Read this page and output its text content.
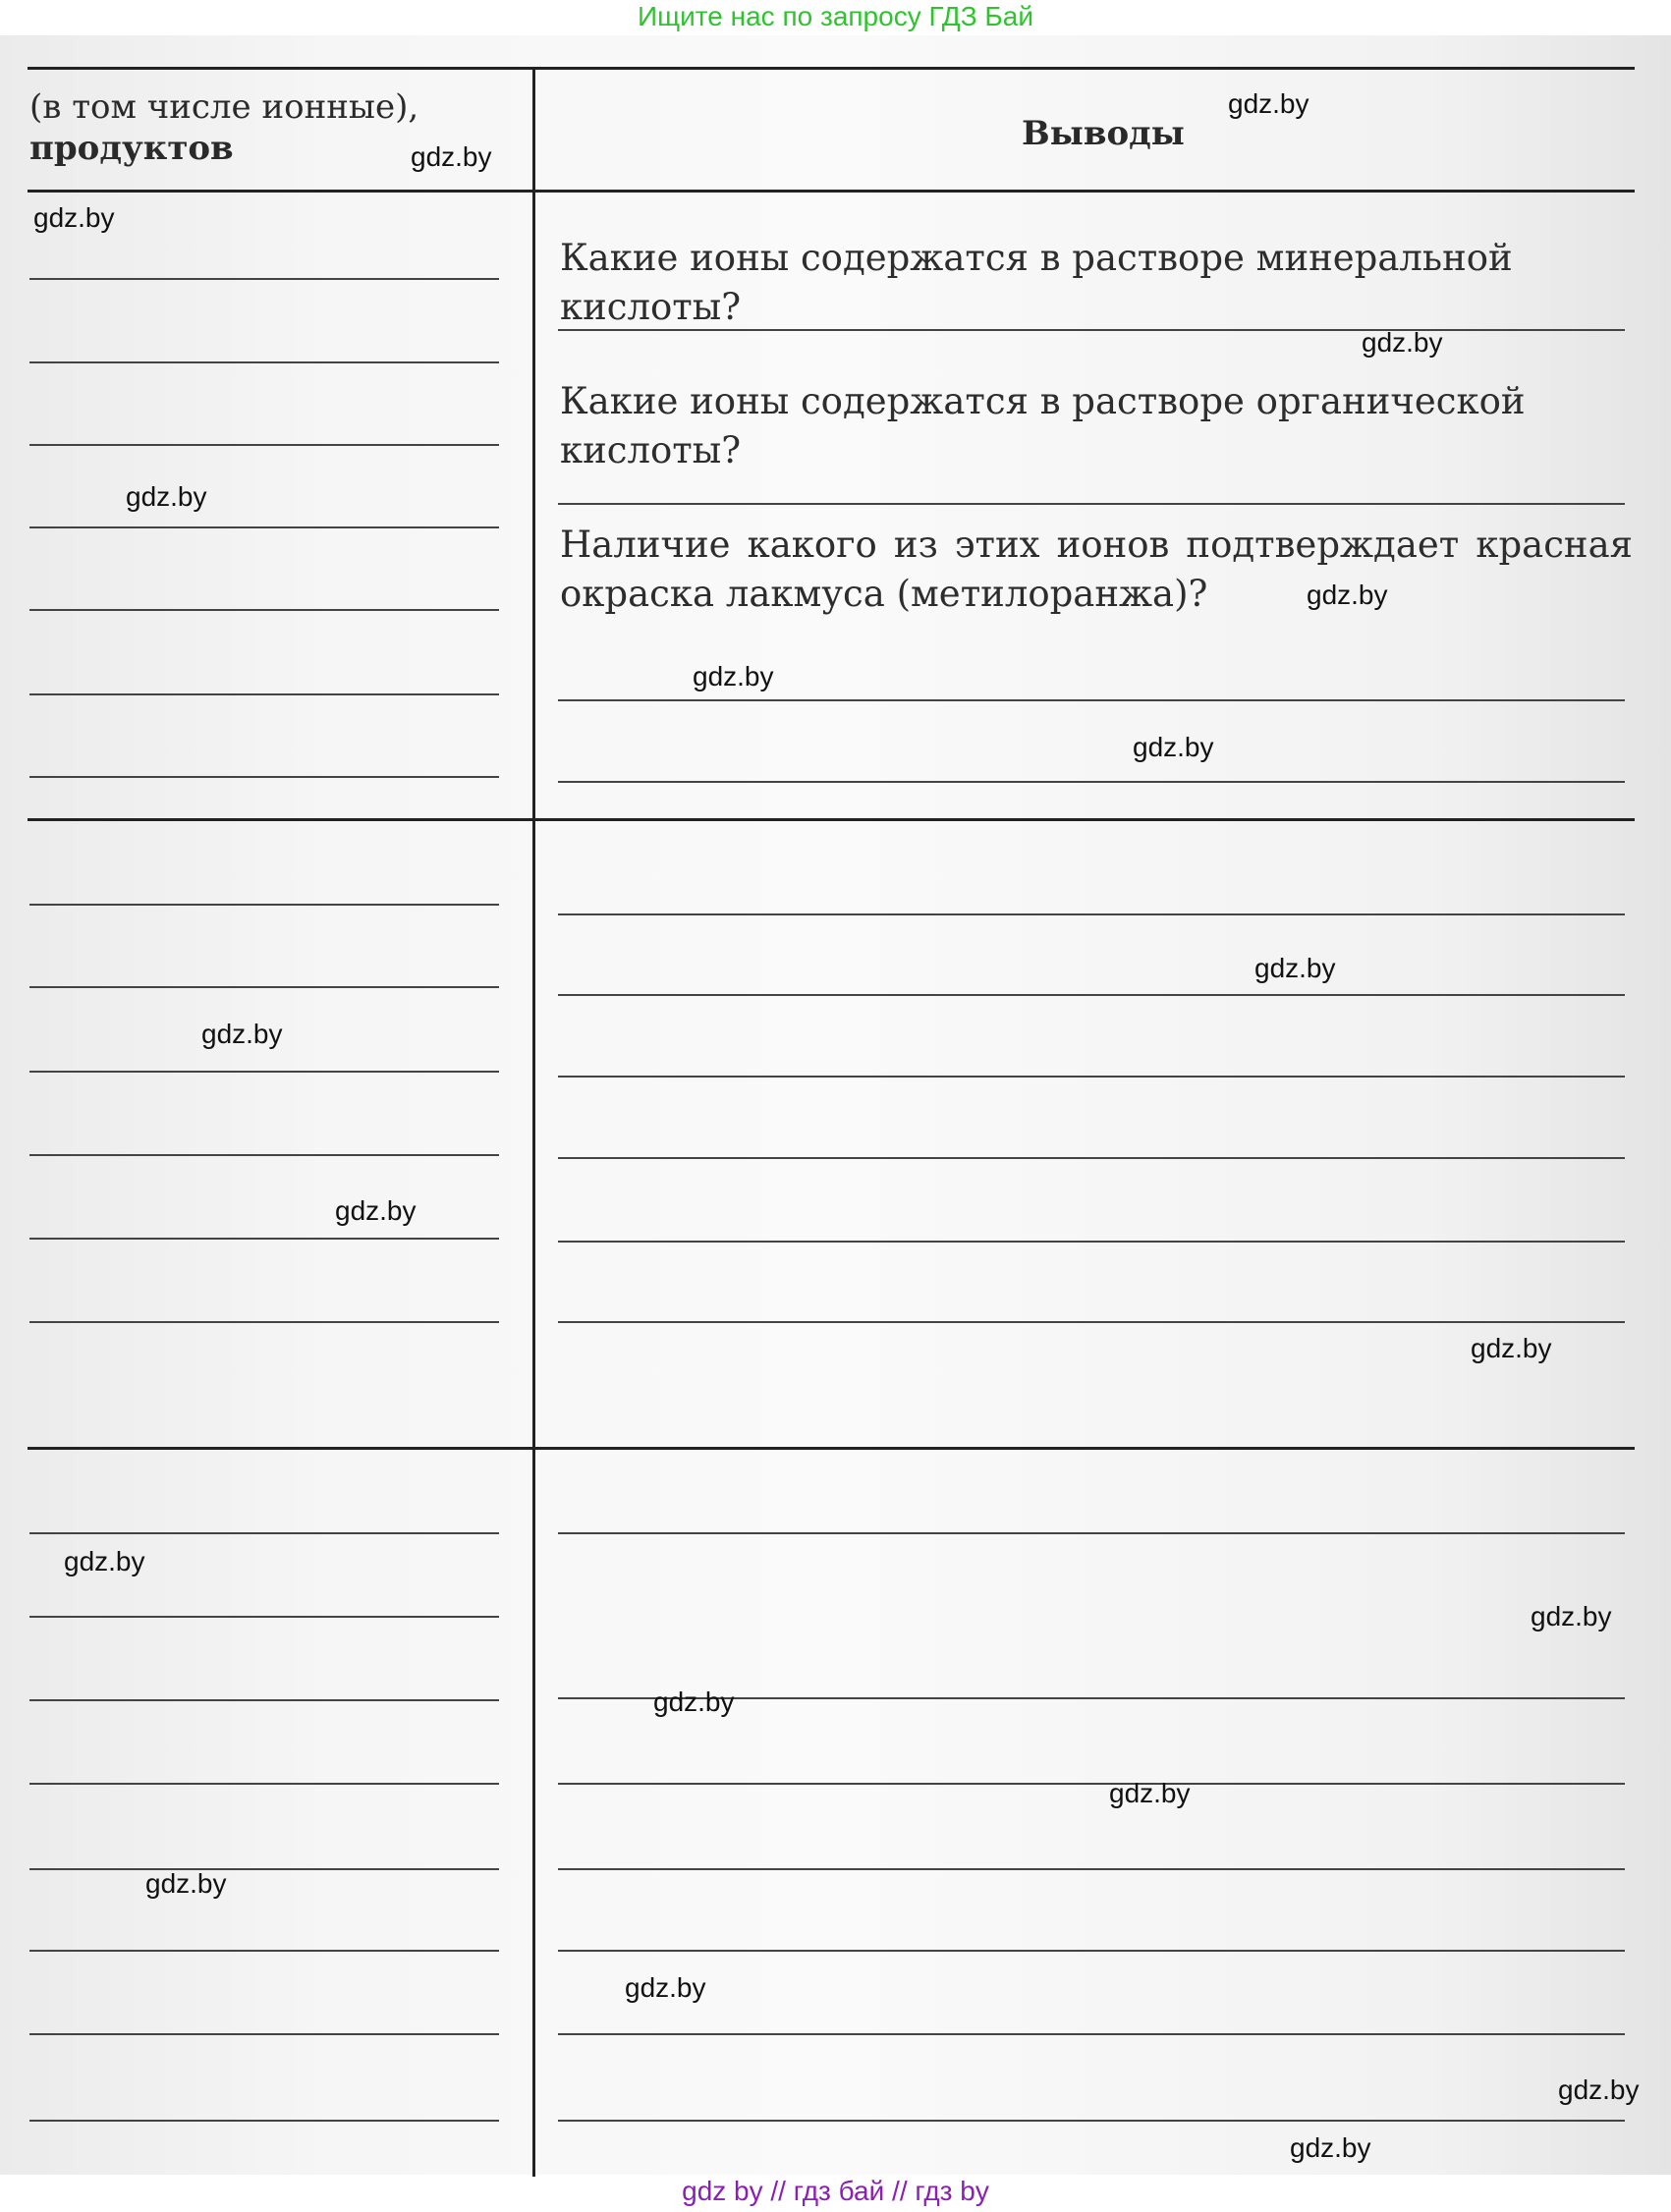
Ищите нас по запросу ГДЗ Бай
(в том числе ионные),
продуктов	Выводы
Какие ионы содержатся в растворе минеральной кислоты?
Какие ионы содержатся в растворе органической кислоты?
Наличие какого из этих ионов подтверждает красная окраска лакмуса (метилоранжа)?
gdz.by
gdz.by
gdz.by
gdz.by
gdz.by
gdz.by
gdz.by
gdz.by
gdz.by
gdz.by
gdz.by
gdz.by
gdz.by
gdz.by
gdz.by
gdz.by
gdz.by
gdz.by
gdz.by
gdz.by
gdz by // гдз бай // гдз by
